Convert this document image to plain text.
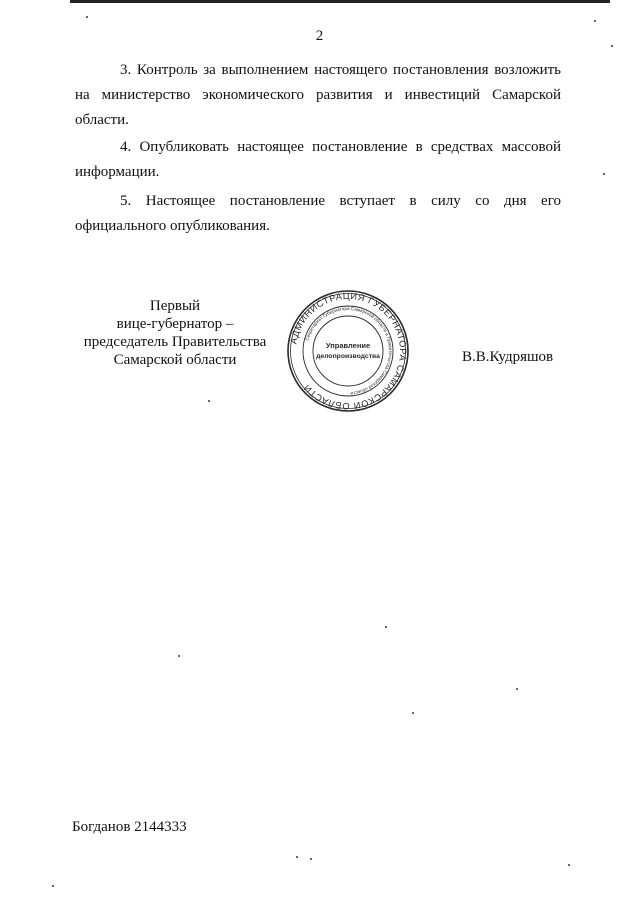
2
3. Контроль за выполнением настоящего постановления возложить
на министерство экономического развития и инвестиций Самарской
области.
4. Опубликовать настоящее постановление в средствах массовой
информации.
5. Настоящее постановление вступает в силу со дня его
официального опубликования.
Первый
вице-губернатор –
председатель Правительства
Самарской области
АДМИНИСТРАЦИЯ ГУБЕРНАТОРА САМАРСКОЙ ОБЛАСТИ
Секретариат Губернатора Самарской области и Правительства Самарской области
Управление
делопроизводства	В.В.Кудряшов
Богданов 2144333
